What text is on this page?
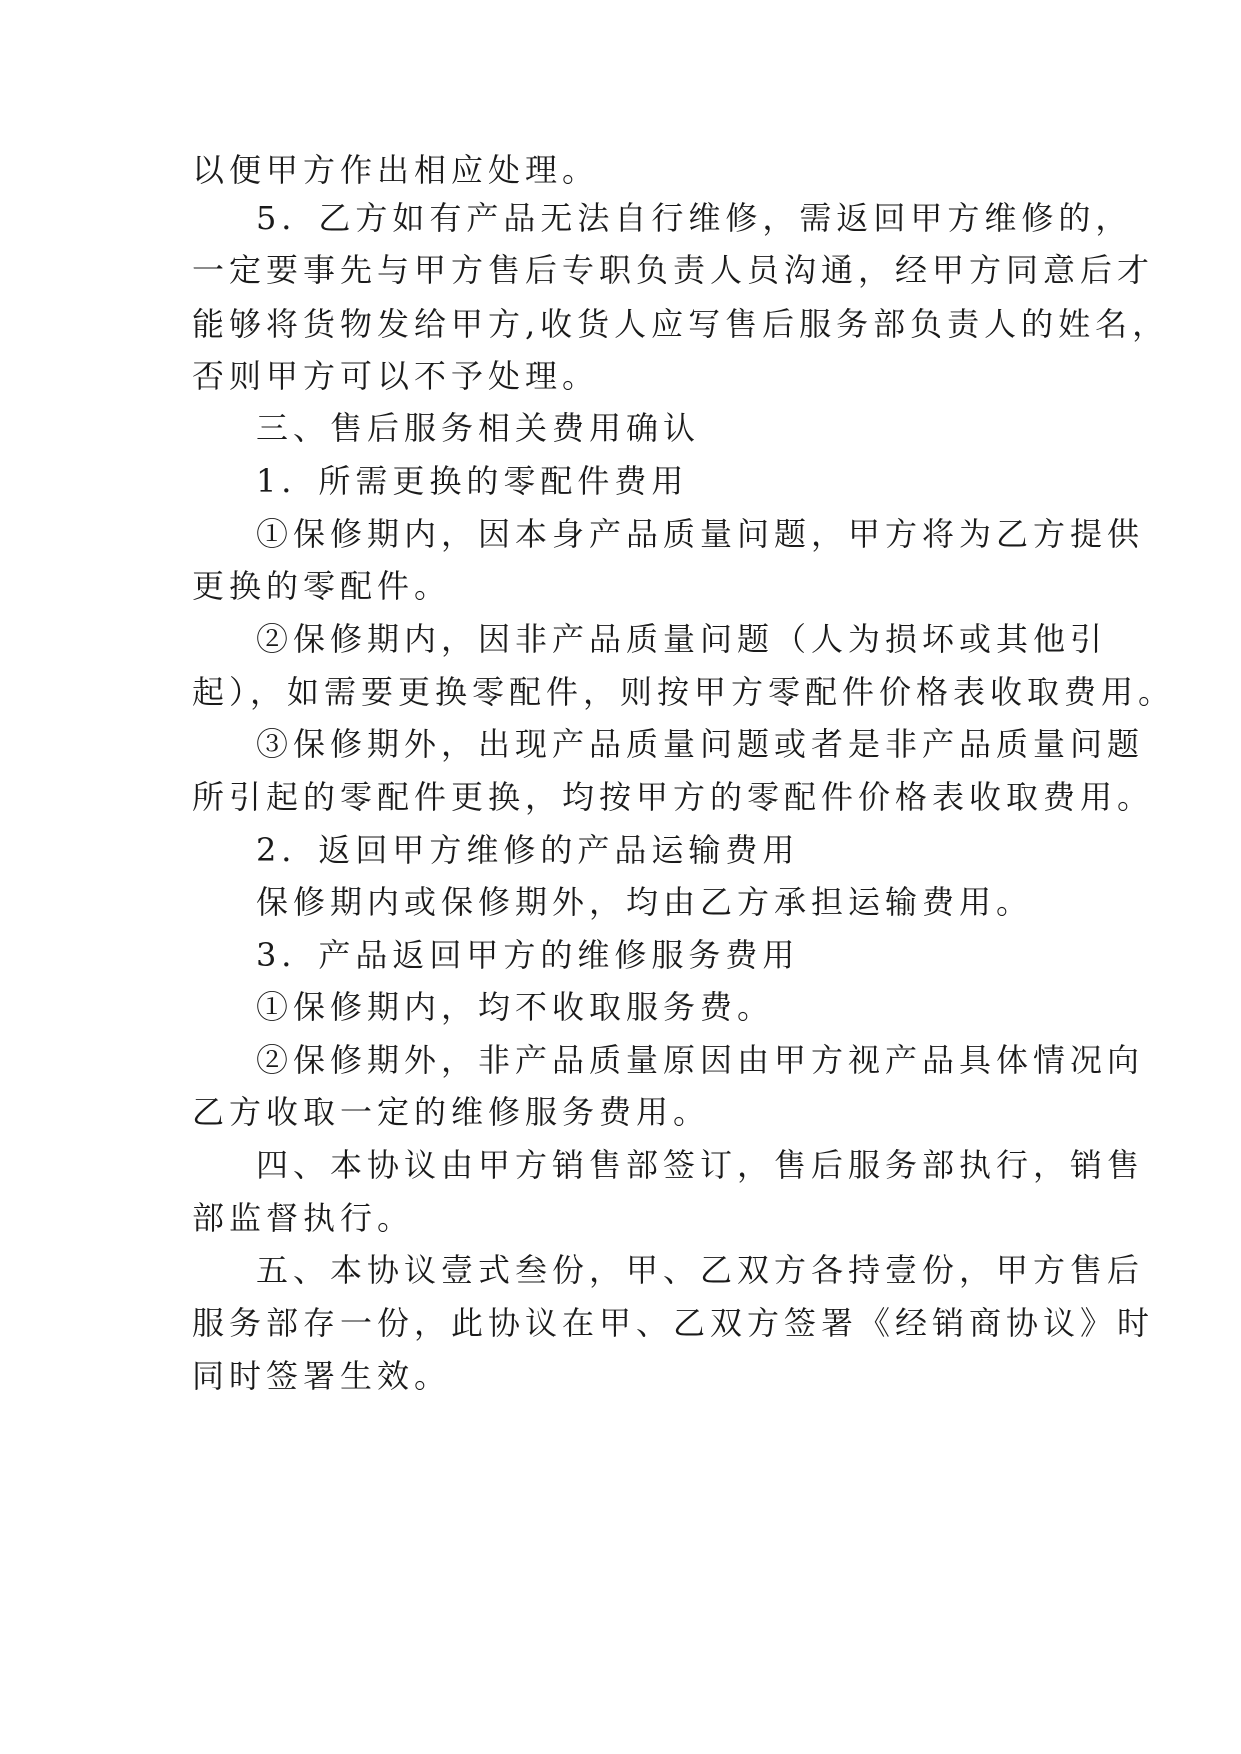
以便甲方作出相应处理。
5．乙方如有产品无法自行维修，需返回甲方维修的，
一定要事先与甲方售后专职负责人员沟通，经甲方同意后才
能够将货物发给甲方,收货人应写售后服务部负责人的姓名，
否则甲方可以不予处理。
三、售后服务相关费用确认
1．所需更换的零配件费用
①保修期内，因本身产品质量问题，甲方将为乙方提供
更换的零配件。
②保修期内，因非产品质量问题（人为损坏或其他引
起），如需要更换零配件，则按甲方零配件价格表收取费用。
③保修期外，出现产品质量问题或者是非产品质量问题
所引起的零配件更换，均按甲方的零配件价格表收取费用。
2．返回甲方维修的产品运输费用
保修期内或保修期外，均由乙方承担运输费用。
3．产品返回甲方的维修服务费用
①保修期内，均不收取服务费。
②保修期外，非产品质量原因由甲方视产品具体情况向
乙方收取一定的维修服务费用。
四、本协议由甲方销售部签订，售后服务部执行，销售
部监督执行。
五、本协议壹式叁份，甲、乙双方各持壹份，甲方售后
服务部存一份，此协议在甲、乙双方签署《经销商协议》时
同时签署生效。
